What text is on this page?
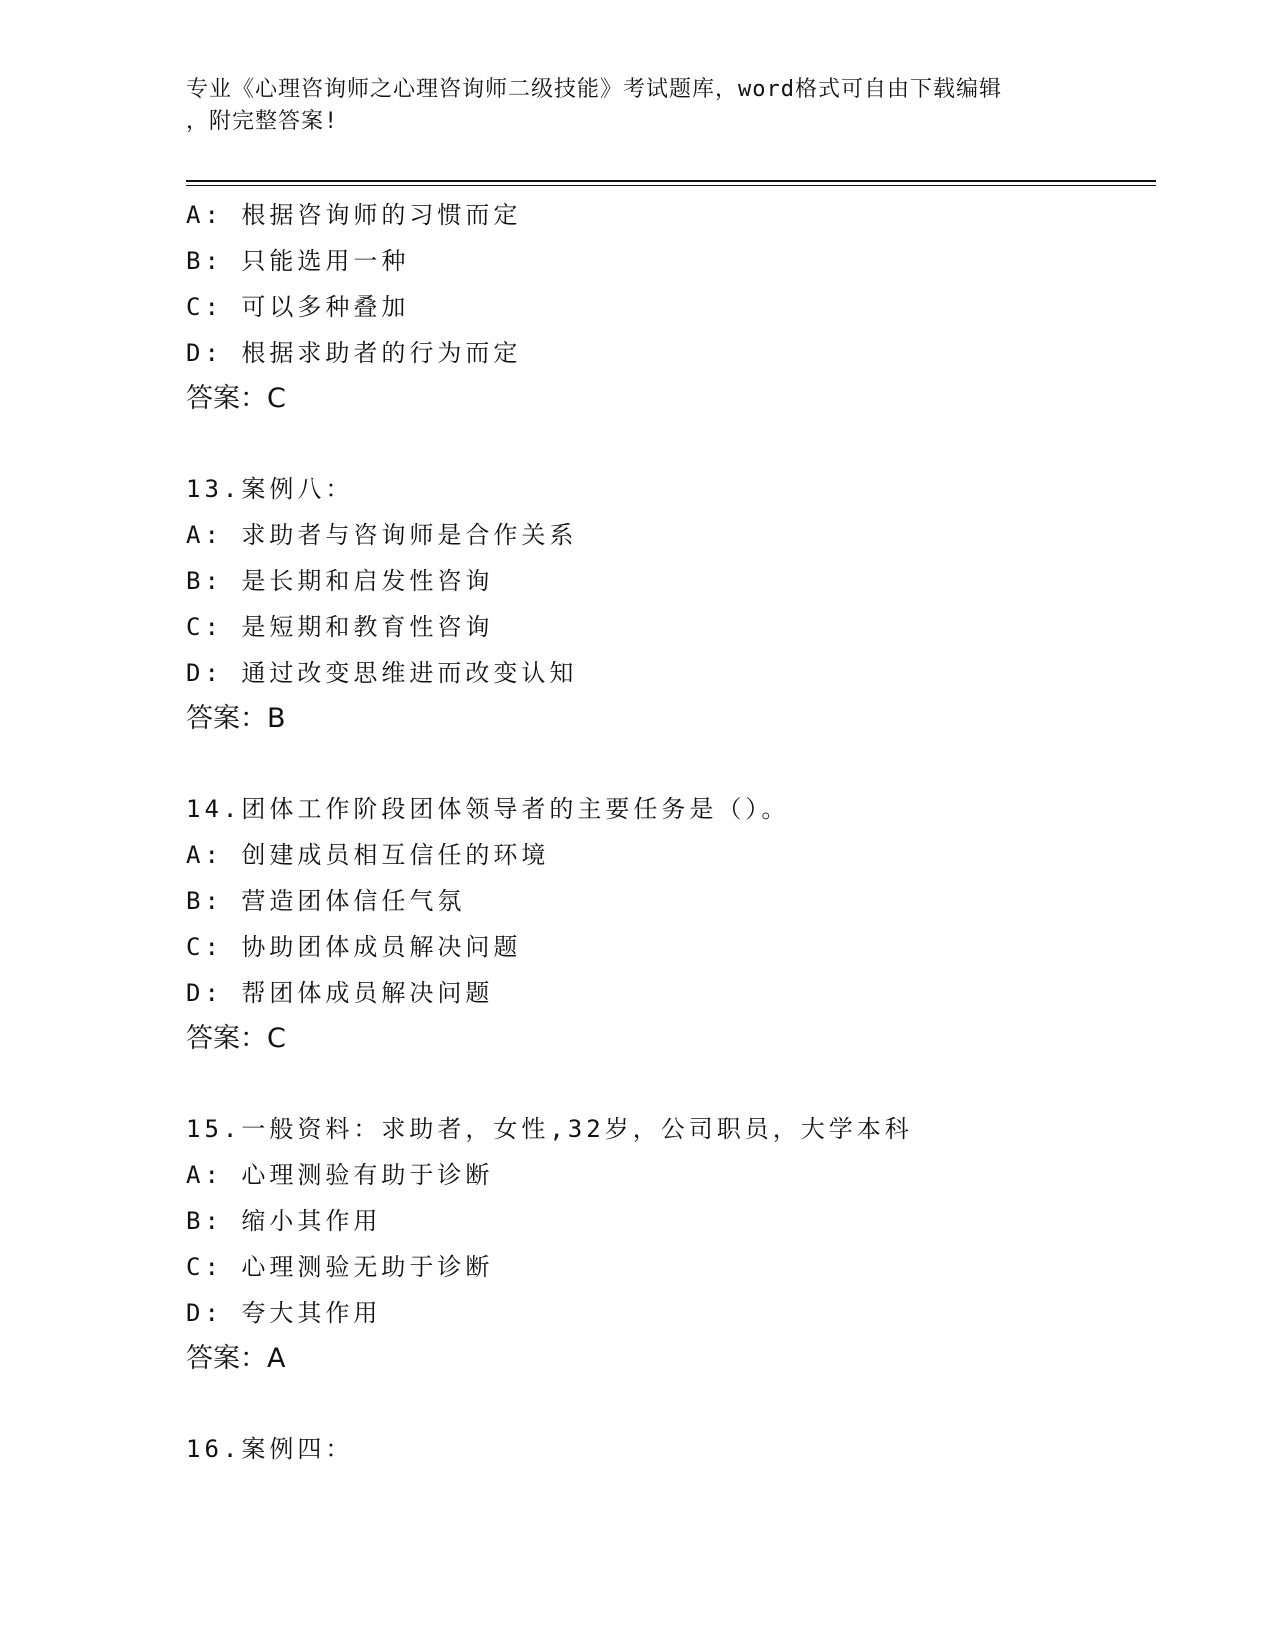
专业《心理咨询师之心理咨询师二级技能》考试题库，word格式可自由下载编辑
，附完整答案!
A: 根据咨询师的习惯而定
B: 只能选用一种
C: 可以多种叠加
D: 根据求助者的行为而定
答案：C
13.案例八：
A: 求助者与咨询师是合作关系
B: 是长期和启发性咨询
C: 是短期和教育性咨询
D: 通过改变思维进而改变认知
答案：B
14.团体工作阶段团体领导者的主要任务是（）。
A: 创建成员相互信任的环境
B: 营造团体信任气氛
C: 协助团体成员解决问题
D: 帮团体成员解决问题
答案：C
15.一般资料：求助者，女性,32岁，公司职员，大学本科
A: 心理测验有助于诊断
B: 缩小其作用
C: 心理测验无助于诊断
D: 夸大其作用
答案：A
16.案例四：
